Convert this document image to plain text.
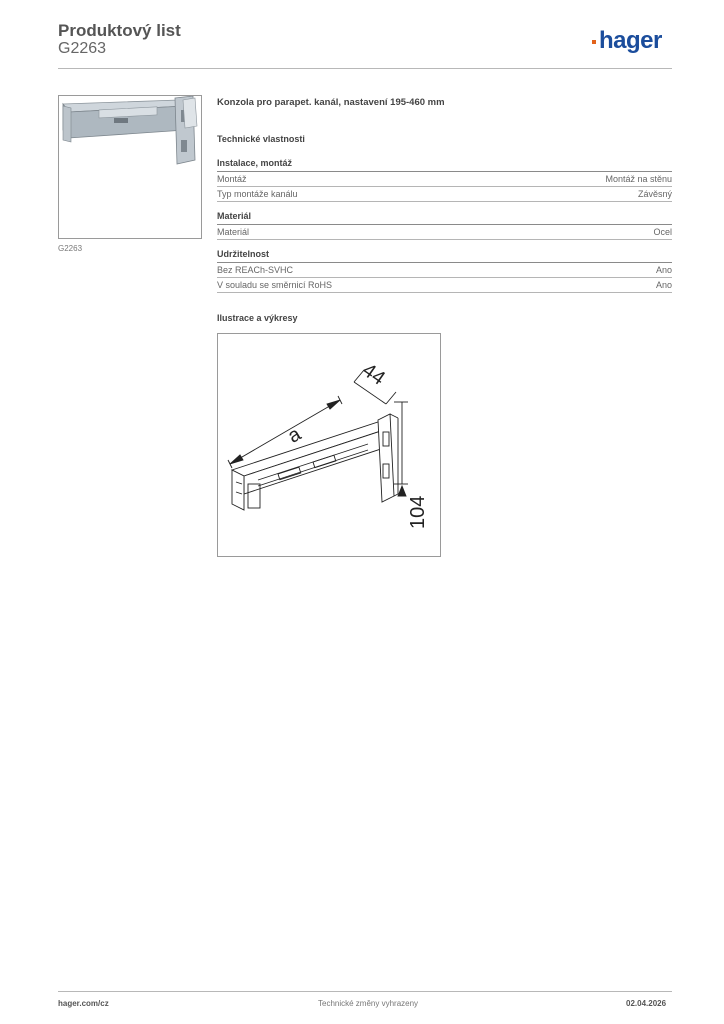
Produktový list
G2263	hager
G2263
Konzola pro parapet. kanál, nastavení 195-460 mm
Technické vlastnosti
Instalace, montáž
Montáž	Montáž na stěnu
Typ montáže kanálu	Závěsný
Materiál
Materiál	Ocel
Udržitelnost
Bez REACh-SVHC	Ano
V souladu se směrnicí RoHS	Ano
Ilustrace a výkresy
a
44
104
hager.com/cz	Technické změny vyhrazeny	02.04.2026
